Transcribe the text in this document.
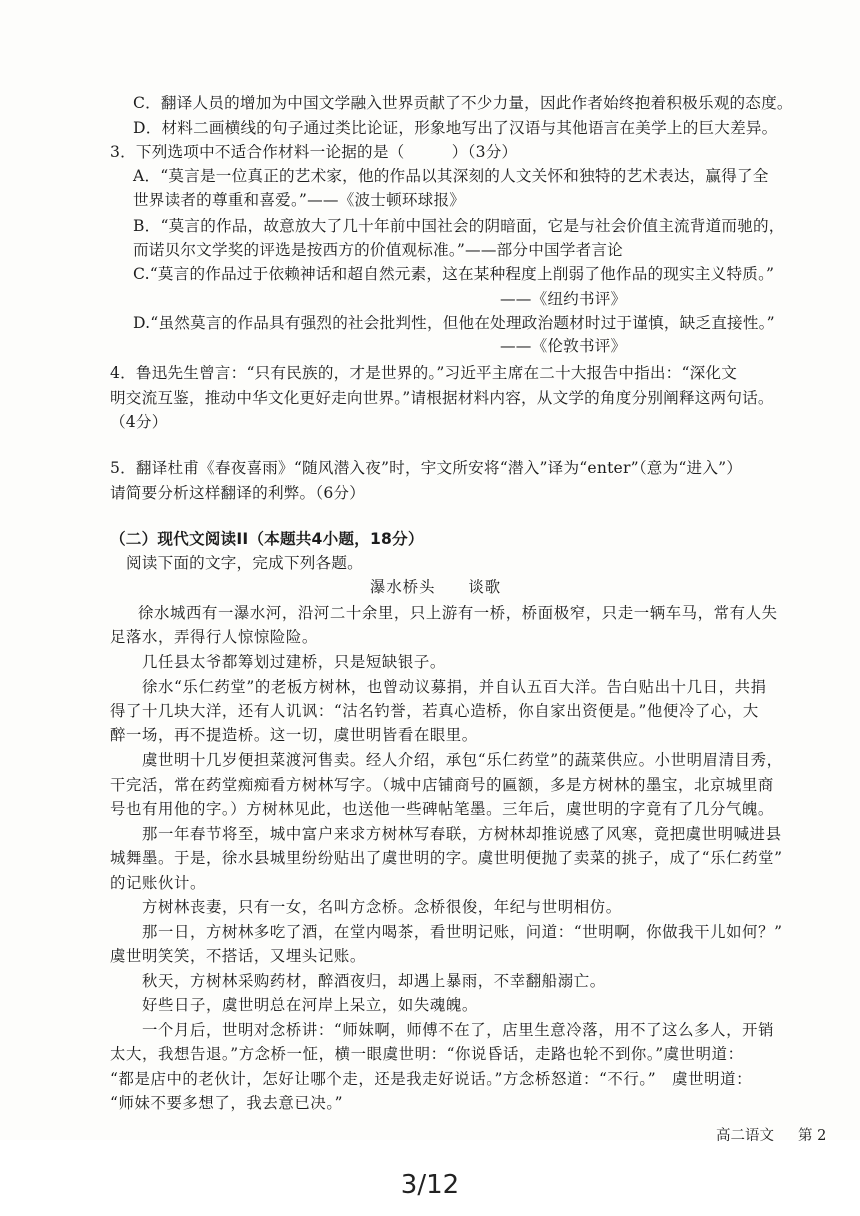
C．翻译人员的增加为中国文学融入世界贡献了不少力量，因此作者始终抱着积极乐观的态度。
D．材料二画横线的句子通过类比论证，形象地写出了汉语与其他语言在美学上的巨大差异。
3．下列选项中不适合作材料一论据的是（　　　）（3分）
A．“莫言是一位真正的艺术家，他的作品以其深刻的人文关怀和独特的艺术表达，赢得了全
世界读者的尊重和喜爱。”——《波士顿环球报》
B．“莫言的作品，故意放大了几十年前中国社会的阴暗面，它是与社会价值主流背道而驰的，
而诺贝尔文学奖的评选是按西方的价值观标准。”——部分中国学者言论
C.“莫言的作品过于依赖神话和超自然元素，这在某种程度上削弱了他作品的现实主义特质。”
——《纽约书评》
D.“虽然莫言的作品具有强烈的社会批判性，但他在处理政治题材时过于谨慎，缺乏直接性。”
——《伦敦书评》
4．鲁迅先生曾言：“只有民族的，才是世界的。”习近平主席在二十大报告中指出：“深化文
明交流互鉴，推动中华文化更好走向世界。”请根据材料内容，从文学的角度分别阐释这两句话。
（4分）
5．翻译杜甫《春夜喜雨》“随风潜入夜”时，宇文所安将“潜入”译为“enter”（意为“进入”）
请简要分析这样翻译的利弊。（6分）
（二）现代文阅读II（本题共4小题，18分）
阅读下面的文字，完成下列各题。
瀑水桥头　　谈歌
徐水城西有一瀑水河，沿河二十余里，只上游有一桥，桥面极窄，只走一辆车马，常有人失
足落水，弄得行人惊惊险险。
几任县太爷都筹划过建桥，只是短缺银子。
徐水“乐仁药堂”的老板方树林，也曾动议募捐，并自认五百大洋。告白贴出十几日，共捐
得了十几块大洋，还有人讥讽：“沽名钓誉，若真心造桥，你自家出资便是。”他便冷了心，大
醉一场，再不提造桥。这一切，虞世明皆看在眼里。
虞世明十几岁便担菜渡河售卖。经人介绍，承包“乐仁药堂”的蔬菜供应。小世明眉清目秀，
干完活，常在药堂痴痴看方树林写字。（城中店铺商号的匾额，多是方树林的墨宝，北京城里商
号也有用他的字。）方树林见此，也送他一些碑帖笔墨。三年后，虞世明的字竟有了几分气魄。
那一年春节将至，城中富户来求方树林写春联，方树林却推说感了风寒，竟把虞世明喊进县
城舞墨。于是，徐水县城里纷纷贴出了虞世明的字。虞世明便抛了卖菜的挑子，成了“乐仁药堂”
的记账伙计。
方树林丧妻，只有一女，名叫方念桥。念桥很俊，年纪与世明相仿。
那一日，方树林多吃了酒，在堂内喝茶，看世明记账，问道：“世明啊，你做我干儿如何？”
虞世明笑笑，不搭话，又埋头记账。
秋天，方树林采购药材，醉酒夜归，却遇上暴雨，不幸翻船溺亡。
好些日子，虞世明总在河岸上呆立，如失魂魄。
一个月后，世明对念桥讲：“师妹啊，师傅不在了，店里生意冷落，用不了这么多人，开销
太大，我想告退。”方念桥一怔，横一眼虞世明：“你说昏话，走路也轮不到你。”虞世明道：
“都是店中的老伙计，怎好让哪个走，还是我走好说话。”方念桥怒道：“不行。”　虞世明道：
“师妹不要多想了，我去意已决。”
高二语文 第 2
3/12
